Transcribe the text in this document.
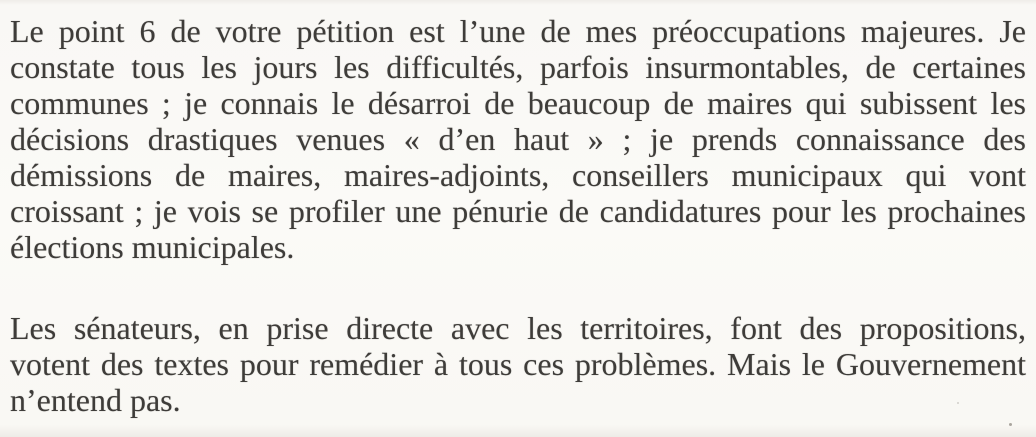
Le point 6 de votre pétition est l’une de mes préoccupations majeures. Je
constate tous les jours les difficultés, parfois insurmontables, de certaines
communes ; je connais le désarroi de beaucoup de maires qui subissent les
décisions drastiques venues « d’en haut » ; je prends connaissance des
démissions de maires, maires-adjoints, conseillers municipaux qui vont
croissant ; je vois se profiler une pénurie de candidatures pour les prochaines
élections municipales.
Les sénateurs, en prise directe avec les territoires, font des propositions,
votent des textes pour remédier à tous ces problèmes. Mais le Gouvernement
n’entend pas.
